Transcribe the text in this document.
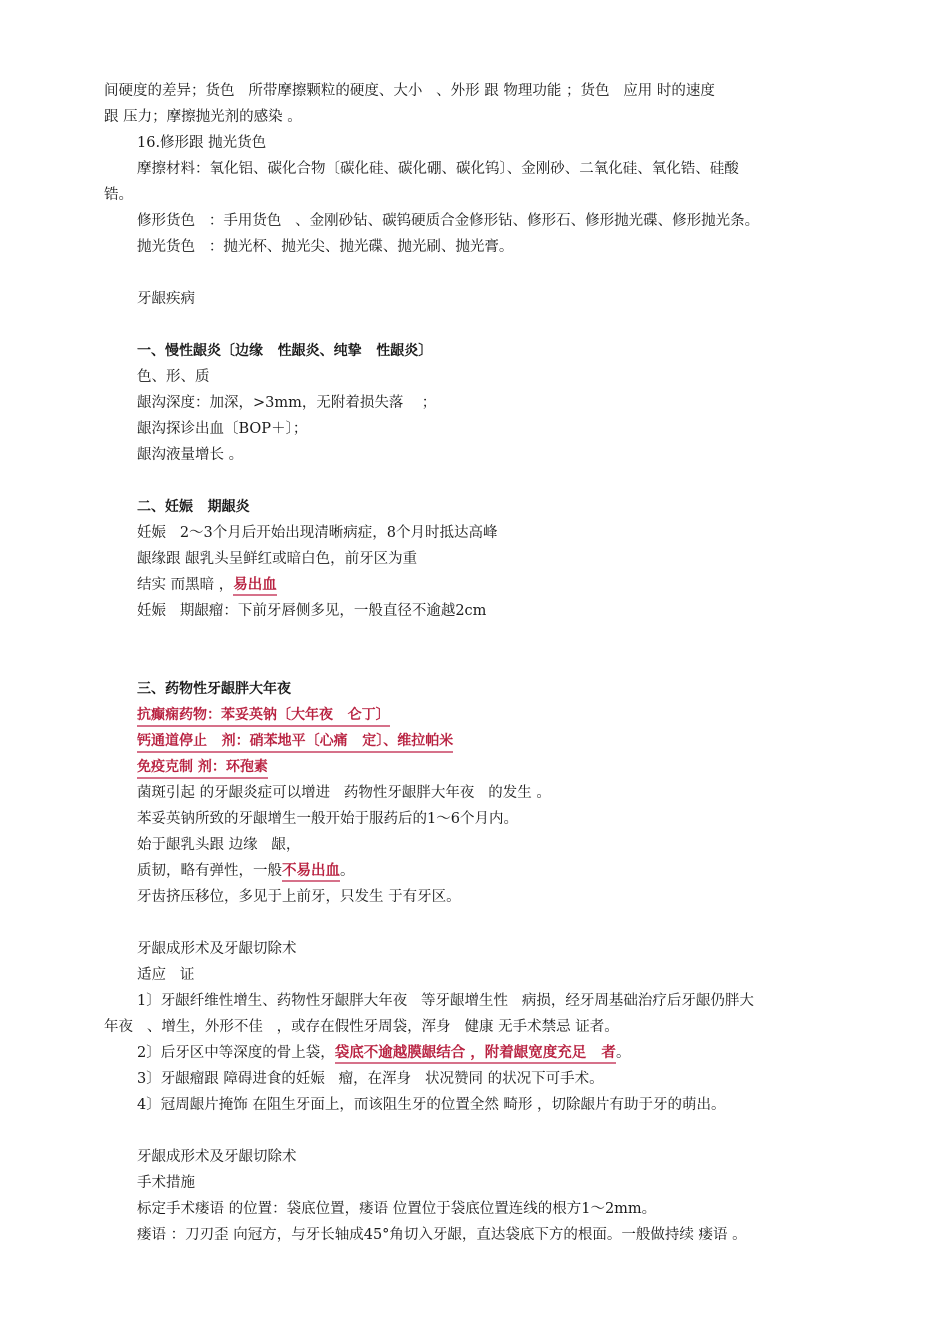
间硬度的差异；货色   所带摩擦颗粒的硬度、大小   、外形 跟 物理功能 ；货色   应用 时的速度
跟 压力；摩擦抛光剂的感染 。
16.修形跟 抛光货色
摩擦材料：氧化铝、碳化合物〔碳化硅、碳化硼、碳化钨〕、金刚砂、二氧化硅、氧化锆、硅酸
锆。
修形货色   ：手用货色   、金刚砂钻、碳钨硬质合金修形钻、修形石、修形抛光碟、修形抛光条。
抛光货色   ：抛光杯、抛光尖、抛光碟、抛光刷、抛光膏。
牙龈疾病
一、慢性龈炎〔边缘   性龈炎、纯挚   性龈炎〕
色、形、质
龈沟深度：加深，>3mm，无附着损失落    ；
龈沟探诊出血〔BOP＋〕；
龈沟液量增长 。
二、妊娠   期龈炎
妊娠   2～3个月后开始出现清晰病症，8个月时抵达高峰
龈缘跟 龈乳头呈鲜红或暗白色，前牙区为重
结实 而黑暗 ，易出血
妊娠   期龈瘤：下前牙唇侧多见，一般直径不逾越2cm
三、药物性牙龈胖大年夜
抗癫痫药物：苯妥英钠〔大年夜   仑丁〕
钙通道停止   剂：硝苯地平〔心痛   定〕、维拉帕米
免疫克制 剂：环孢素
菌斑引起 的牙龈炎症可以增进   药物性牙龈胖大年夜   的发生 。
苯妥英钠所致的牙龈增生一般开始于服药后的1～6个月内。
始于龈乳头跟 边缘   龈，
质韧，略有弹性，一般不易出血。
牙齿挤压移位，多见于上前牙，只发生 于有牙区。
牙龈成形术及牙龈切除术
适应   证
1〕牙龈纤维性增生、药物性牙龈胖大年夜   等牙龈增生性   病损，经牙周基础治疗后牙龈仍胖大
年夜   、增生，外形不佳   ，或存在假性牙周袋，浑身   健康 无手术禁忌 证者。
2〕后牙区中等深度的骨上袋，袋底不逾越膜龈结合 ，附着龈宽度充足   者。
3〕牙龈瘤跟 障碍进食的妊娠   瘤，在浑身   状况赞同 的状况下可手术。
4〕冠周龈片掩饰 在阻生牙面上，而该阻生牙的位置全然 畸形 ，切除龈片有助于牙的萌出。
牙龈成形术及牙龈切除术
手术措施
标定手术瘘语 的位置：袋底位置，瘘语 位置位于袋底位置连线的根方1～2mm。
瘘语 ：刀刃歪 向冠方，与牙长轴成45°角切入牙龈，直达袋底下方的根面。一般做持续 瘘语 。
